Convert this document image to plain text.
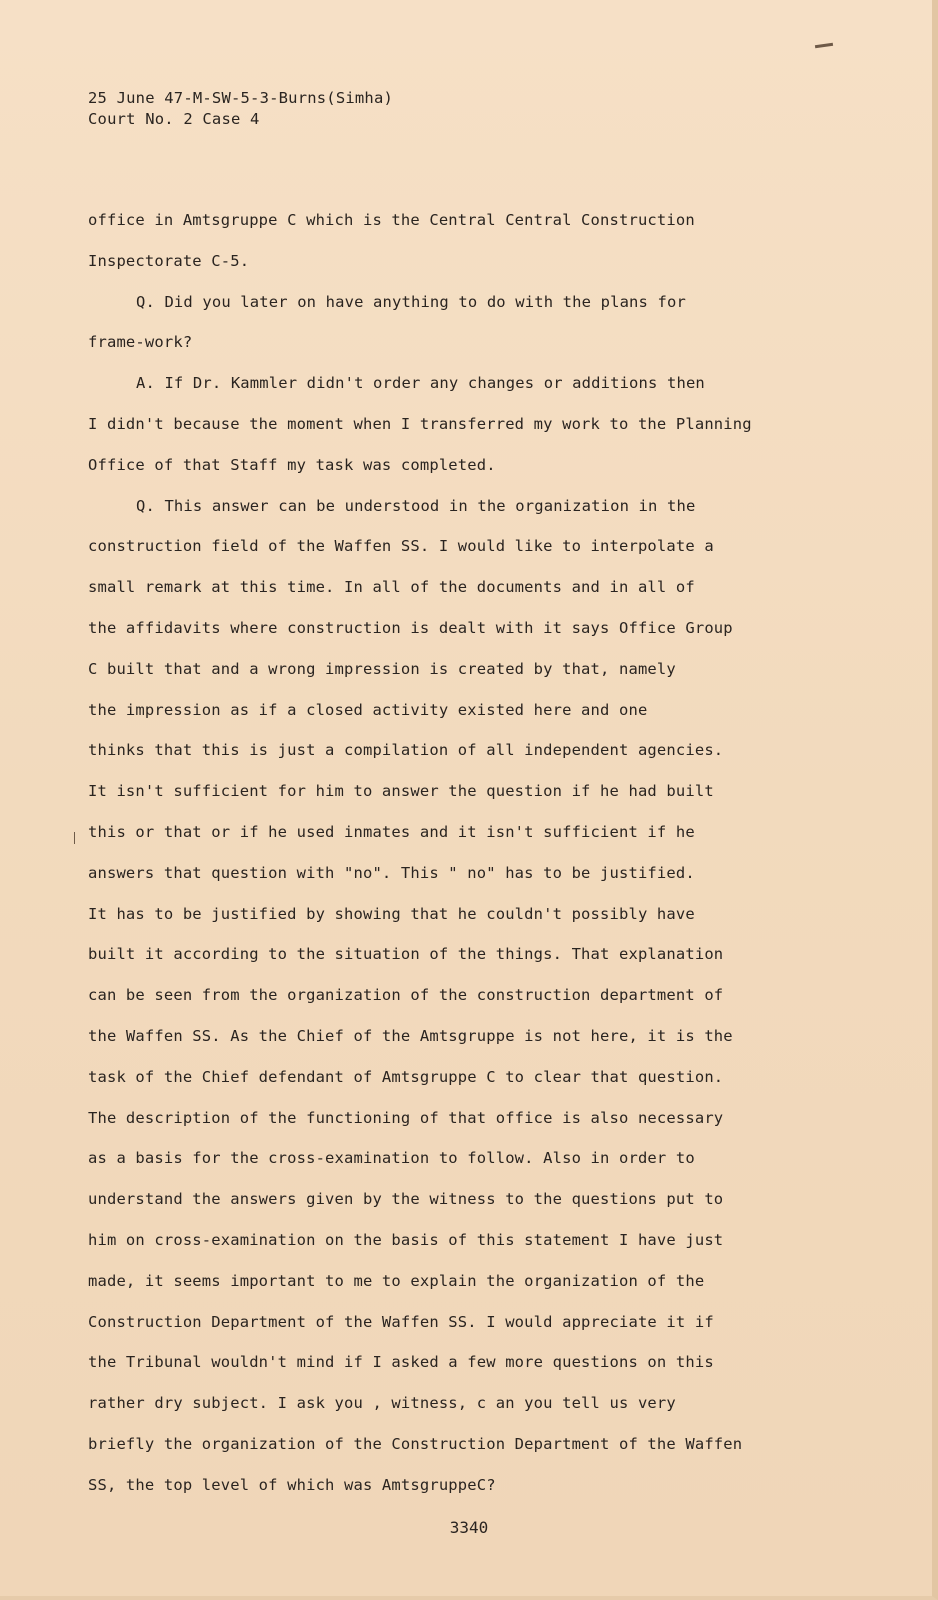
25 June 47-M-SW-5-3-Burns(Simha)
Court No. 2 Case 4
office in Amtsgruppe C which is the Central Central Construction
Inspectorate C-5.
Q. Did you later on have anything to do with the plans for
frame-work?
A. If Dr. Kammler didn't order any changes or additions then
I didn't because the moment when I transferred my work to the Planning
Office of that Staff my task was completed.
Q. This answer can be understood in the organization in the
construction field of the Waffen SS. I would like to interpolate a
small remark at this time. In all of the documents and in all of
the affidavits where construction is dealt with it says Office Group
C built that and a wrong impression is created by that, namely
the impression as if a closed activity existed here and one
thinks that this is just a compilation of all independent agencies.
It isn't sufficient for him to answer the question if he had built
this or that or if he used inmates and it isn't sufficient if he
answers that question with "no". This " no" has to be justified.
It has to be justified by showing that he couldn't possibly have
built it according to the situation of the things. That explanation
can be seen from the organization of the construction department of
the Waffen SS. As the Chief of the Amtsgruppe is not here, it is the
task of the Chief defendant of Amtsgruppe C to clear that question.
The description of the functioning of that office is also necessary
as a basis for the cross-examination to follow. Also in order to
understand the answers given by the witness to the questions put to
him on cross-examination on the basis of this statement I have just
made, it seems important to me to explain the organization of the
Construction Department of the Waffen SS. I would appreciate it if
the Tribunal wouldn't mind if I asked a few more questions on this
rather dry subject. I ask you , witness, c an you tell us very
briefly the organization of the Construction Department of the Waffen
SS, the top level of which was AmtsgruppeC?
3340
